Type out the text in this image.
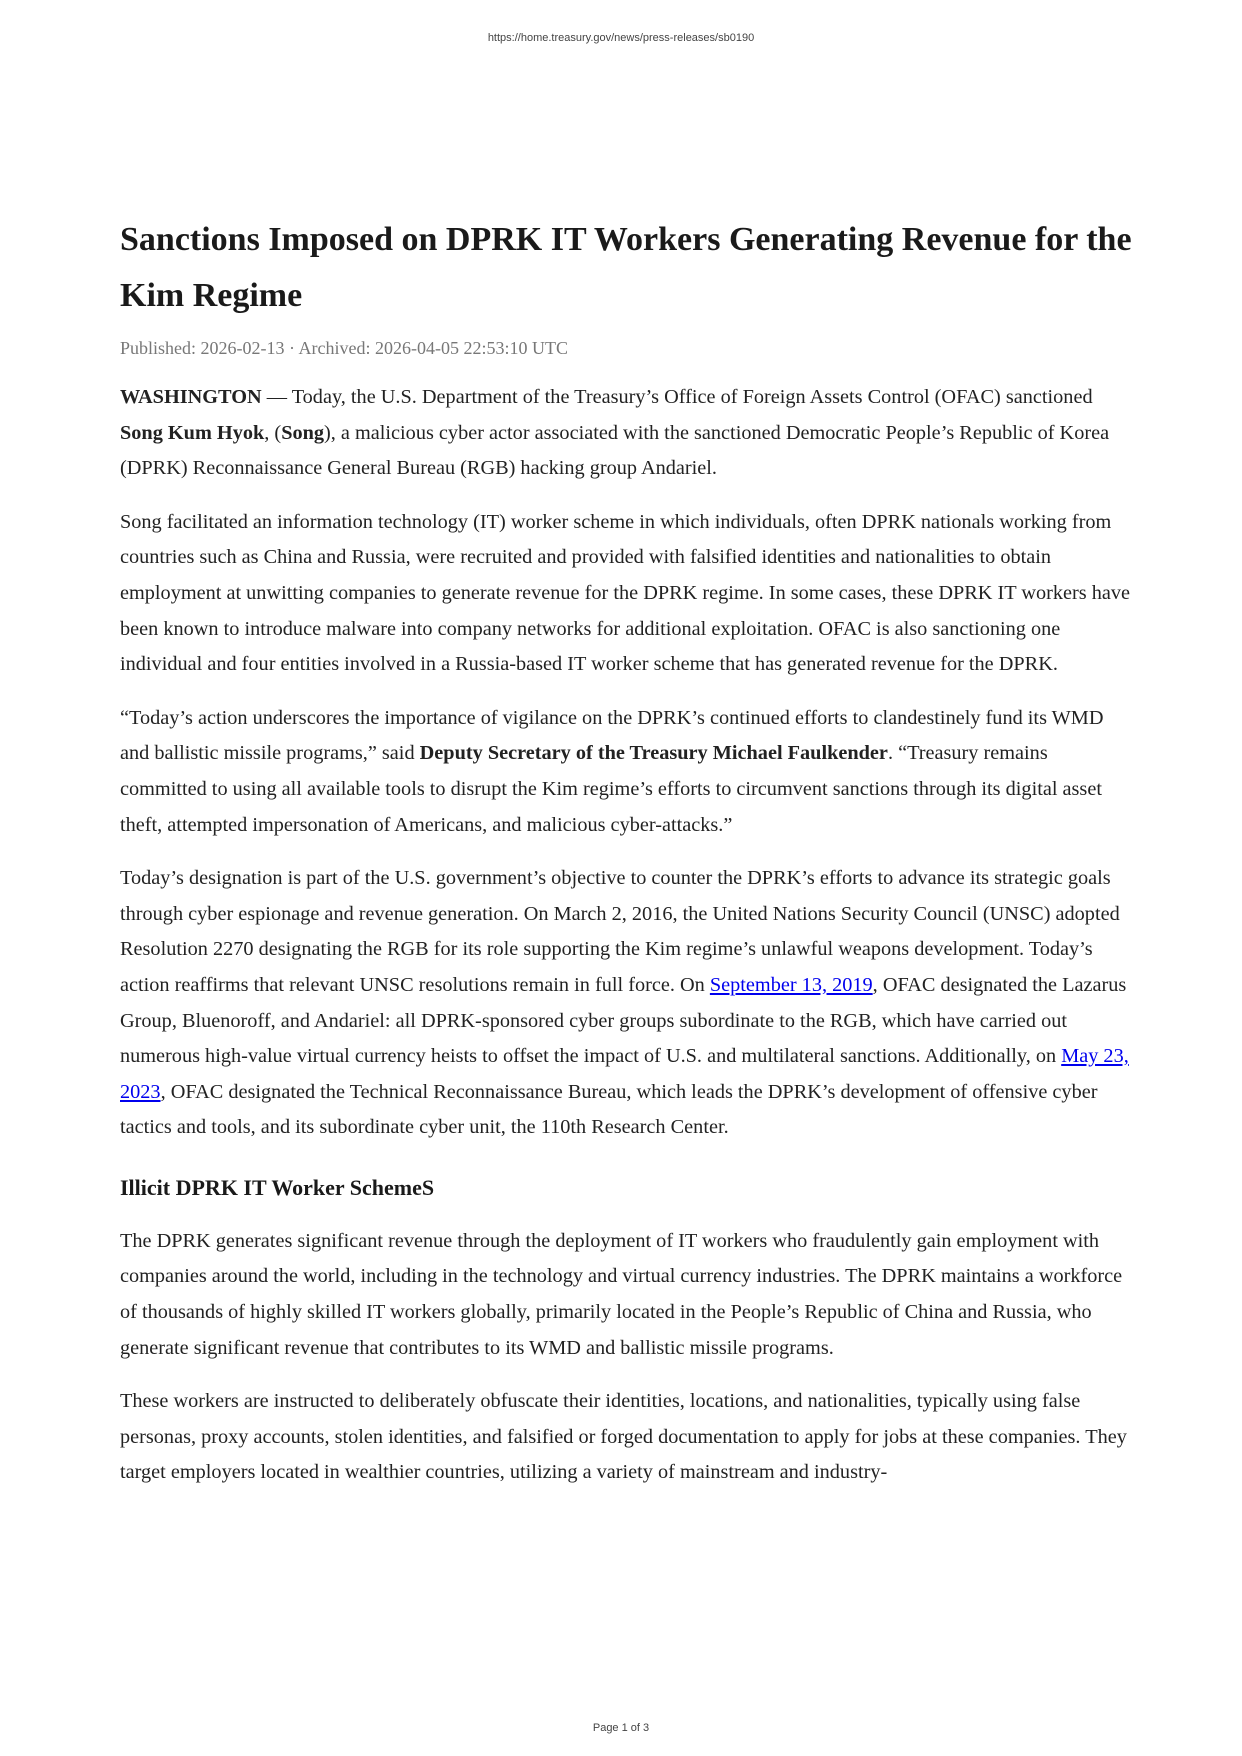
https://home.treasury.gov/news/press-releases/sb0190
Sanctions Imposed on DPRK IT Workers Generating Revenue for the Kim Regime
Published: 2026-02-13 · Archived: 2026-04-05 22:53:10 UTC

WASHINGTON — Today, the U.S. Department of the Treasury’s Office of Foreign Assets Control (OFAC) sanctioned Song Kum Hyok, (Song), a malicious cyber actor associated with the sanctioned Democratic People’s Republic of Korea (DPRK) Reconnaissance General Bureau (RGB) hacking group Andariel.

Song facilitated an information technology (IT) worker scheme in which individuals, often DPRK nationals working from countries such as China and Russia, were recruited and provided with falsified identities and nationalities to obtain employment at unwitting companies to generate revenue for the DPRK regime. In some cases, these DPRK IT workers have been known to introduce malware into company networks for additional exploitation. OFAC is also sanctioning one individual and four entities involved in a Russia-based IT worker scheme that has generated revenue for the DPRK.

“Today’s action underscores the importance of vigilance on the DPRK’s continued efforts to clandestinely fund its WMD and ballistic missile programs,” said Deputy Secretary of the Treasury Michael Faulkender. “Treasury remains committed to using all available tools to disrupt the Kim regime’s efforts to circumvent sanctions through its digital asset theft, attempted impersonation of Americans, and malicious cyber-attacks.”

Today’s designation is part of the U.S. government’s objective to counter the DPRK’s efforts to advance its strategic goals through cyber espionage and revenue generation. On March 2, 2016, the United Nations Security Council (UNSC) adopted Resolution 2270 designating the RGB for its role supporting the Kim regime’s unlawful weapons development. Today’s action reaffirms that relevant UNSC resolutions remain in full force. On September 13, 2019, OFAC designated the Lazarus Group, Bluenoroff, and Andariel: all DPRK-sponsored cyber groups subordinate to the RGB, which have carried out numerous high-value virtual currency heists to offset the impact of U.S. and multilateral sanctions. Additionally, on May 23, 2023, OFAC designated the Technical Reconnaissance Bureau, which leads the DPRK’s development of offensive cyber tactics and tools, and its subordinate cyber unit, the 110th Research Center.

Illicit DPRK IT Worker SchemeS

The DPRK generates significant revenue through the deployment of IT workers who fraudulently gain employment with companies around the world, including in the technology and virtual currency industries. The DPRK maintains a workforce of thousands of highly skilled IT workers globally, primarily located in the People’s Republic of China and Russia, who generate significant revenue that contributes to its WMD and ballistic missile programs.

These workers are instructed to deliberately obfuscate their identities, locations, and nationalities, typically using false personas, proxy accounts, stolen identities, and falsified or forged documentation to apply for jobs at these companies. They target employers located in wealthier countries, utilizing a variety of mainstream and industry-

Page 1 of 3
